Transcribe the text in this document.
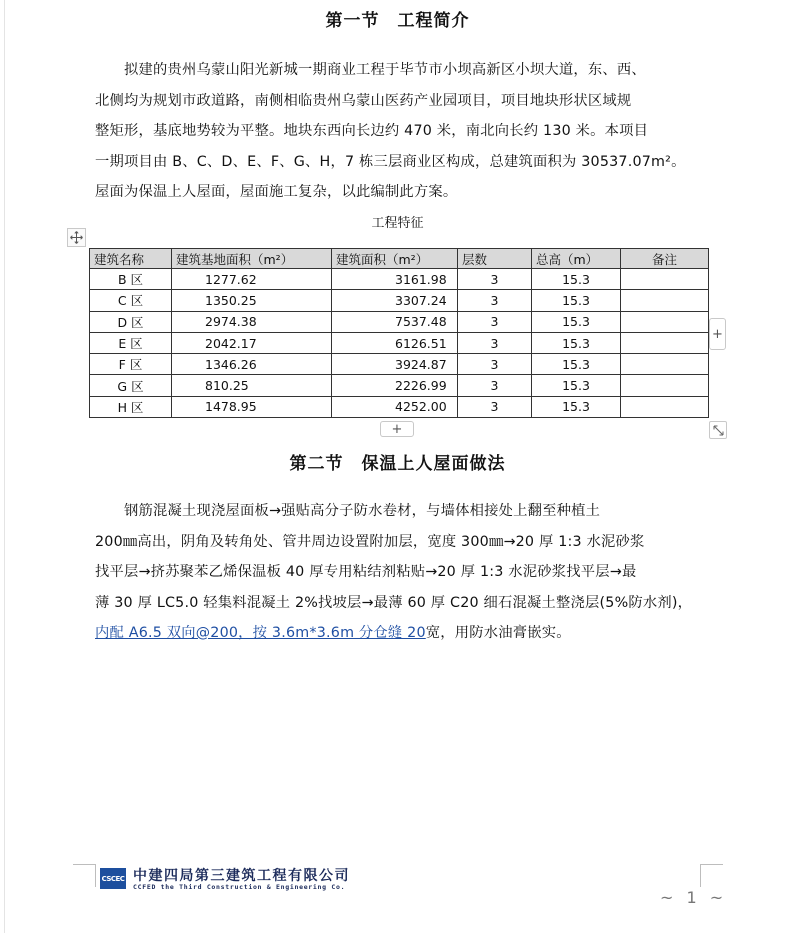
第一节 工程简介

拟建的贵州乌蒙山阳光新城一期商业工程于毕节市小坝高新区小坝大道，东、西、
北侧均为规划市政道路，南侧相临贵州乌蒙山医药产业园项目，项目地块形状区域规
整矩形，基底地势较为平整。地块东西向长边约 470 米，南北向长约 130 米。本项目
一期项目由 B、C、D、E、F、G、H，7 栋三层商业区构成，总建筑面积为 30537.07m²。
屋面为保温上人屋面，屋面施工复杂，以此编制此方案。

工程特征
建筑名称	建筑基地面积（m²）	建筑面积（m²）	层数	总高（m）	备注
B 区	1277.62	3161.98	3	15.3	
C 区	1350.25	3307.24	3	15.3	
D 区	2974.38	7537.48	3	15.3	
E 区	2042.17	6126.51	3	15.3	
F 区	1346.26	3924.87	3	15.3	
G 区	810.25	2226.99	3	15.3	
H 区	1478.95	4252.00	3	15.3	
+
+
第二节 保温上人屋面做法

钢筋混凝土现浇屋面板→强贴高分子防水卷材，与墙体相接处上翻至种植土
200㎜高出，阴角及转角处、管井周边设置附加层，宽度 300㎜→20 厚 1:3 水泥砂浆
找平层→挤苏聚苯乙烯保温板 40 厚专用粘结剂粘贴→20 厚 1:3 水泥砂浆找平层→最
薄 30 厚 LC5.0 轻集料混凝土 2%找坡层→最薄 60 厚 C20 细石混凝土整浇层(5%防水剂)，
内配 A6.5 双向@200，按 3.6m*3.6m 分仓缝 20宽，用防水油膏嵌实。

CSCEC 中建四局第三建筑工程有限公司
CCFED the Third Construction & Engineering Co.
~ 1 ~
